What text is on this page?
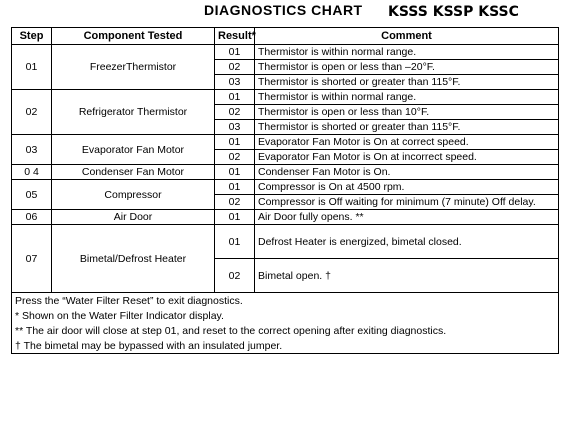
DIAGNOSTICS CHART KSSS KSSP KSSC
Step	Component Tested	Result*	Comment
01	FreezerThermistor	01	Thermistor is within normal range.
		02	Thermistor is open or less than –20°F.
		03	Thermistor is shorted or greater than 115°F.
02	Refrigerator Thermistor	01	Thermistor is within normal range.
		02	Thermistor is open or less than 10°F.
		03	Thermistor is shorted or greater than 115°F.
03	Evaporator Fan Motor	01	Evaporator Fan Motor is On at correct speed.
		02	Evaporator Fan Motor is On at incorrect speed.
0 4	Condenser Fan Motor	01	Condenser Fan Motor is On.
05	Compressor	01	Compressor is On at 4500 rpm.
		02	Compressor is Off waiting for minimum (7 minute) Off delay.
06	Air Door	01	Air Door fully opens. **
07	Bimetal/Defrost Heater	01	Defrost Heater is energized, bimetal closed.
		02	Bimetal open. †
Press the “Water Filter Reset” to exit diagnostics.			
* Shown on the Water Filter Indicator display.			
** The air door will close at step 01, and reset to the correct opening after exiting diagnostics.			
† The bimetal may be bypassed with an insulated jumper.			
